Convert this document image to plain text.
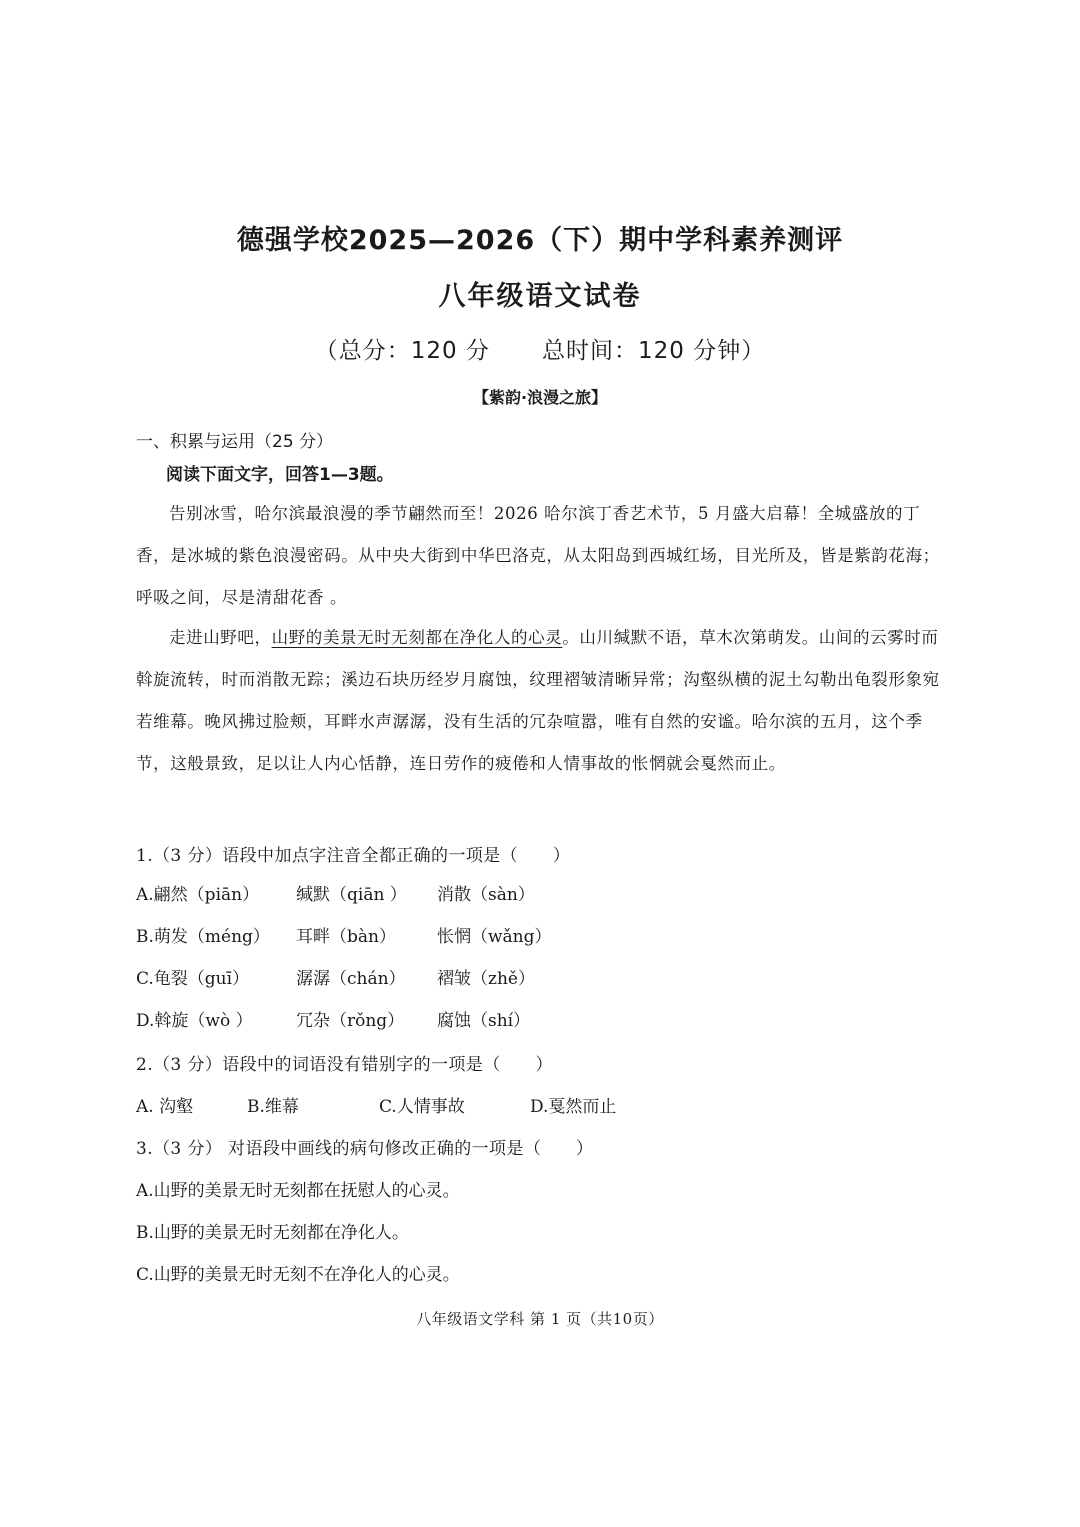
德强学校2025—2026（下）期中学科素养测评
八年级语文试卷
（总分：120 分 总时间：120 分钟）
【紫韵·浪漫之旅】
一、积累与运用（25 分）
阅读下面文字，回答1—3题。

告别冰雪，哈尔滨最浪漫的季节翩然而至！2026 哈尔滨丁香艺术节，5 月盛大启幕！全城盛放的丁香，是冰城的紫色浪漫密码。从中央大街到中华巴洛克，从太阳岛到西城红场，目光所及，皆是紫韵花海；呼吸之间，尽是清甜花香 。

走进山野吧，山野的美景无时无刻都在净化人的心灵。山川缄默不语，草木次第萌发。山间的云雾时而斡旋流转，时而消散无踪；溪边石块历经岁月腐蚀，纹理褶皱清晰异常；沟壑纵横的泥土勾勒出龟裂形象宛若维幕。晚风拂过脸颊，耳畔水声潺潺，没有生活的冗杂喧嚣，唯有自然的安谧。哈尔滨的五月，这个季节，这般景致，足以让人内心恬静，连日劳作的疲倦和人情事故的怅惘就会戛然而止。

1.（3 分）语段中加点字注音全都正确的一项是（　　）
A.翩然（piān） 缄默（qiān ） 消散（sàn）
B.萌发（méng） 耳畔（bàn） 怅惘（wǎng）
C.龟裂（guī）	潺潺（chán） 褶皱（zhě）
D.斡旋（wò ）	冗杂（rǒng） 腐蚀（shí）
2.（3 分）语段中的词语没有错别字的一项是（　　）
A. 沟壑	B.维幕	C.人情事故	D.戛然而止
3.（3 分） 对语段中画线的病句修改正确的一项是（　　）
A.山野的美景无时无刻都在抚慰人的心灵。
B.山野的美景无时无刻都在净化人。
C.山野的美景无时无刻不在净化人的心灵。
八年级语文学科 第 1 页（共10页）
